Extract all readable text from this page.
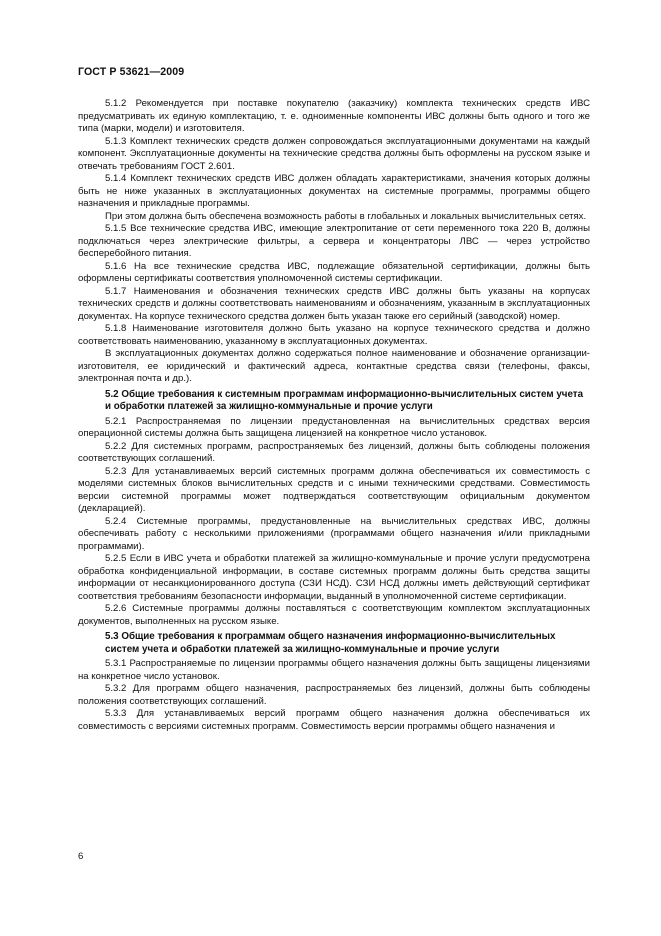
ГОСТ Р 53621—2009

5.1.2 Рекомендуется при поставке покупателю (заказчику) комплекта технических средств ИВС предусматривать их единую комплектацию, т. е. одноименные компоненты ИВС должны быть одного и того же типа (марки, модели) и изготовителя.

5.1.3 Комплект технических средств должен сопровождаться эксплуатационными документами на каждый компонент. Эксплуатационные документы на технические средства должны быть оформлены на русском языке и отвечать требованиям ГОСТ 2.601.

5.1.4 Комплект технических средств ИВС должен обладать характеристиками, значения которых должны быть не ниже указанных в эксплуатационных документах на системные программы, программы общего назначения и прикладные программы.

При этом должна быть обеспечена возможность работы в глобальных и локальных вычислительных сетях.

5.1.5 Все технические средства ИВС, имеющие электропитание от сети переменного тока 220 В, должны подключаться через электрические фильтры, а сервера и концентраторы ЛВС — через устройство бесперебойного питания.

5.1.6 На все технические средства ИВС, подлежащие обязательной сертификации, должны быть оформлены сертификаты соответствия уполномоченной системы сертификации.

5.1.7 Наименования и обозначения технических средств ИВС должны быть указаны на корпусах технических средств и должны соответствовать наименованиям и обозначениям, указанным в эксплуатационных документах. На корпусе технического средства должен быть указан также его серийный (заводской) номер.

5.1.8 Наименование изготовителя должно быть указано на корпусе технического средства и должно соответствовать наименованию, указанному в эксплуатационных документах.

В эксплуатационных документах должно содержаться полное наименование и обозначение организации-изготовителя, ее юридический и фактический адреса, контактные средства связи (телефоны, факсы, электронная почта и др.).

5.2 Общие требования к системным программам информационно-вычислительных систем учета и обработки платежей за жилищно-коммунальные и прочие услуги

5.2.1 Распространяемая по лицензии предустановленная на вычислительных средствах версия операционной системы должна быть защищена лицензией на конкретное число установок.

5.2.2 Для системных программ, распространяемых без лицензий, должны быть соблюдены положения соответствующих соглашений.

5.2.3 Для устанавливаемых версий системных программ должна обеспечиваться их совместимость с моделями системных блоков вычислительных средств и с иными техническими средствами. Совместимость версии системной программы может подтверждаться соответствующим официальным документом (декларацией).

5.2.4 Системные программы, предустановленные на вычислительных средствах ИВС, должны обеспечивать работу с несколькими приложениями (программами общего назначения и/или прикладными программами).

5.2.5 Если в ИВС учета и обработки платежей за жилищно-коммунальные и прочие услуги предусмотрена обработка конфиденциальной информации, в составе системных программ должны быть средства защиты информации от несанкционированного доступа (СЗИ НСД). СЗИ НСД должны иметь действующий сертификат соответствия требованиям безопасности информации, выданный в уполномоченной системе сертификации.

5.2.6 Системные программы должны поставляться с соответствующим комплектом эксплуатационных документов, выполненных на русском языке.

5.3 Общие требования к программам общего назначения информационно-вычислительных систем учета и обработки платежей за жилищно-коммунальные и прочие услуги

5.3.1 Распространяемые по лицензии программы общего назначения должны быть защищены лицензиями на конкретное число установок.

5.3.2 Для программ общего назначения, распространяемых без лицензий, должны быть соблюдены положения соответствующих соглашений.

5.3.3 Для устанавливаемых версий программ общего назначения должна обеспечиваться их совместимость с версиями системных программ. Совместимость версии программы общего назначения и

6
